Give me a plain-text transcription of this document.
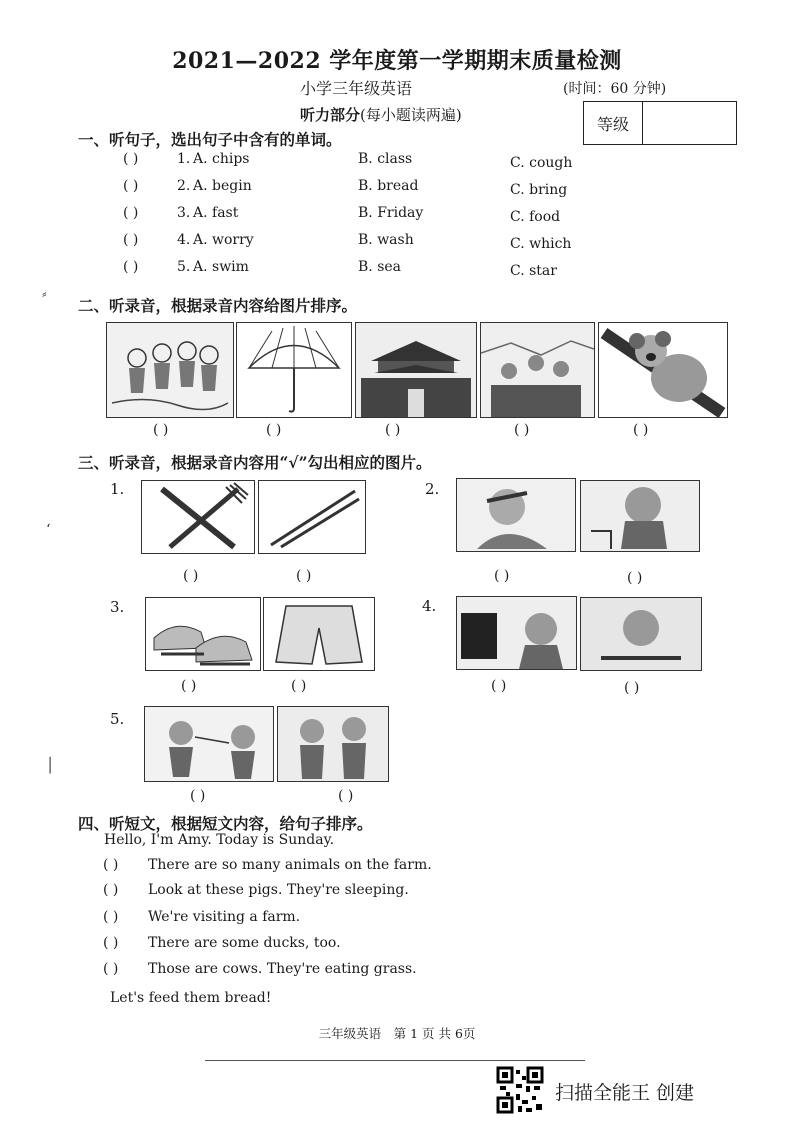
2021—2022 学年度第一学期期末质量检测
小学三年级英语	(时间：60 分钟)
听力部分(每小题读两遍)	等级
一、听句子，选出句子中含有的单词。
⸗
二、听录音，根据录音内容给图片排序。
三、听录音，根据录音内容用“√”勾出相应的图片。
1.	2.
3.	4.
5.
ʻ
│
四、听短文，根据短文内容，给句子排序。
Hello, I'm Amy. Today is Sunday.
Let's feed them bread!
三年级英语　第 1 页 共 6页
扫描全能王 创建
( )	1. A. chips	B. class	C. cough
( )	2. A. begin	B. bread	C. bring
( )	3. A. fast	B. Friday	C. food
( )	4. A. worry	B. wash	C. which
( )	5. A. swim	B. sea	C. star
( )	( )	( )	( )	( )
( )	( )	( )	( )
( )	( )	( )	( )
( )	( )
( ) There are so many animals on the farm.
( ) Look at these pigs. They're sleeping.
( ) We're visiting a farm.
( ) There are some ducks, too.
( ) Those are cows. They're eating grass.
